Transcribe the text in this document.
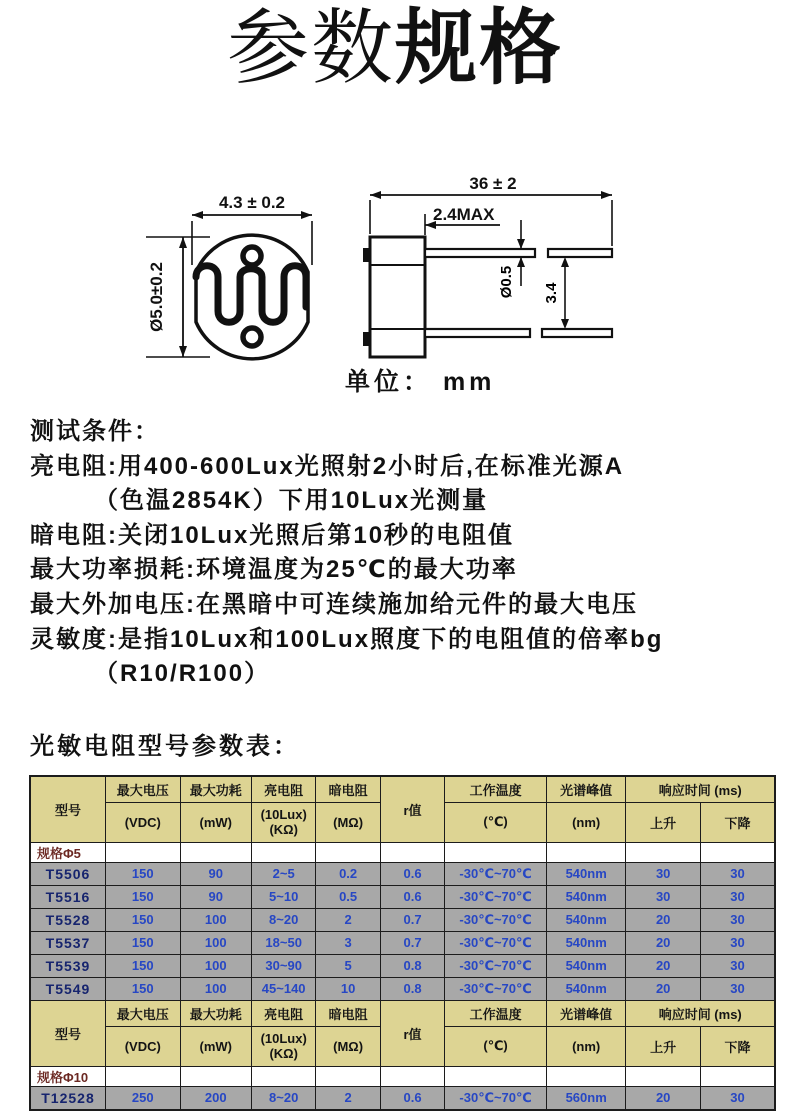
参数规格
4.3 ± 0.2
Ø5.0±0.2
36 ± 2
2.4MAX
Ø0.5 3.4
单位： mm
测试条件：
亮电阻:用400-600Lux光照射2小时后,在标准光源A
（色温2854K）下用10Lux光测量
暗电阻:关闭10Lux光照后第10秒的电阻值
最大功率损耗:环境温度为25℃的最大功率
最大外加电压:在黑暗中可连续施加给元件的最大电压
灵敏度:是指10Lux和100Lux照度下的电阻值的倍率bg
（R10/R100）
光敏电阻型号参数表：
型号	最大电压	最大功耗	亮电阻	暗电阻	r值	工作温度	光谱峰值	响应时间 (ms)	
	(VDC)	(mW)	(10Lux)(KΩ)	(MΩ)		(℃)	(nm)	上升	下降
规格Φ5									
T5506	150	90	2~5	0.2	0.6	-30℃~70℃	540nm	30	30
T5516	150	90	5~10	0.5	0.6	-30℃~70℃	540nm	30	30
T5528	150	100	8~20	2	0.7	-30℃~70℃	540nm	20	30
T5537	150	100	18~50	3	0.7	-30℃~70℃	540nm	20	30
T5539	150	100	30~90	5	0.8	-30℃~70℃	540nm	20	30
T5549	150	100	45~140	10	0.8	-30℃~70℃	540nm	20	30
型号	最大电压	最大功耗	亮电阻	暗电阻	r值	工作温度	光谱峰值	响应时间 (ms)	
	(VDC)	(mW)	(10Lux)(KΩ)	(MΩ)		(℃)	(nm)	上升	下降
规格Φ10									
T12528	250	200	8~20	2	0.6	-30℃~70℃	560nm	20	30
